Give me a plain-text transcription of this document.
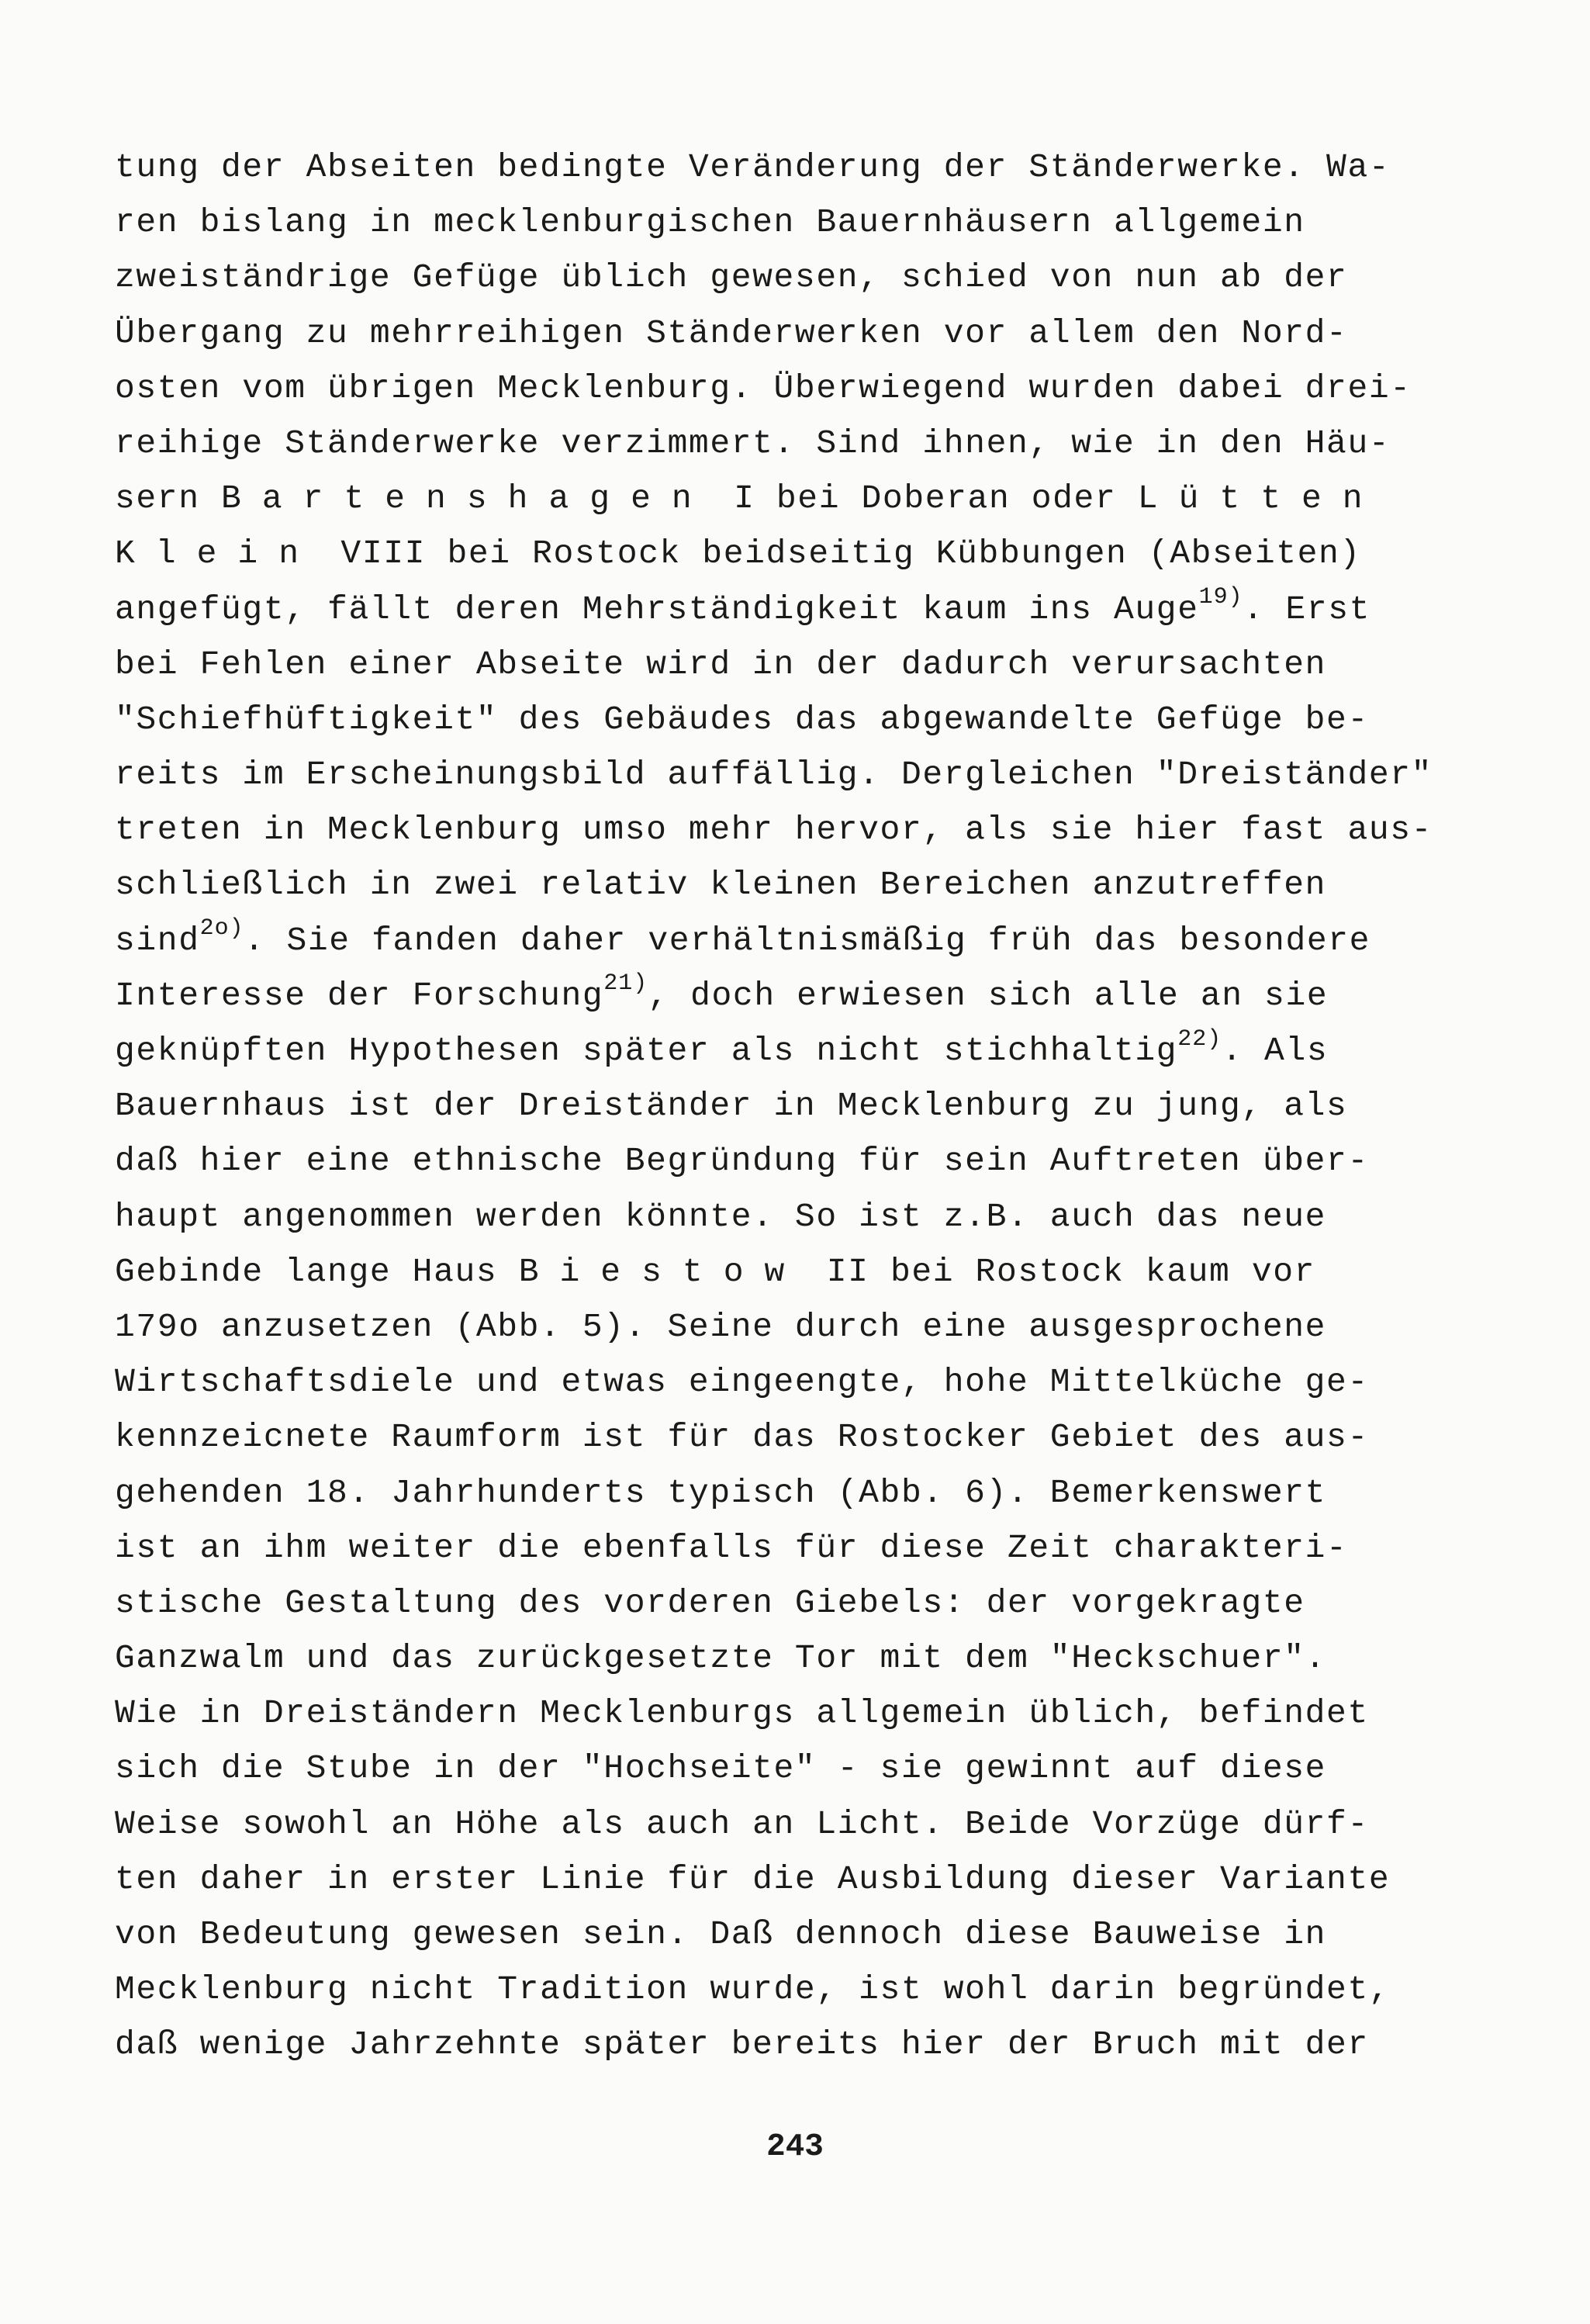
tung der Abseiten bedingte Veränderung der Ständerwerke. Wa-
ren bislang in mecklenburgischen Bauernhäusern allgemein
zweiständrige Gefüge üblich gewesen, schied von nun ab der
Übergang zu mehrreihigen Ständerwerken vor allem den Nord-
osten vom übrigen Mecklenburg. Überwiegend wurden dabei drei-
reihige Ständerwerke verzimmert. Sind ihnen, wie in den Häu-
sern Bartenshagen I bei Doberan oder Lütten
Klein VIII bei Rostock beidseitig Kübbungen (Abseiten)
angefügt, fällt deren Mehrständigkeit kaum ins Auge$^{19)}$. Erst
bei Fehlen einer Abseite wird in der dadurch verursachten
"Schiefhüftigkeit" des Gebäudes das abgewandelte Gefüge be-
reits im Erscheinungsbild auffällig. Dergleichen "Dreiständer"
treten in Mecklenburg umso mehr hervor, als sie hier fast aus-
schließlich in zwei relativ kleinen Bereichen anzutreffen
sind$^{2o)}$. Sie fanden daher verhältnismäßig früh das besondere
Interesse der Forschung$^{21)}$, doch erwiesen sich alle an sie
geknüpften Hypothesen später als nicht stichhaltig$^{22)}$. Als
Bauernhaus ist der Dreiständer in Mecklenburg zu jung, als
daß hier eine ethnische Begründung für sein Auftreten über-
haupt angenommen werden könnte. So ist z.B. auch das neue
Gebinde lange Haus Biestow II bei Rostock kaum vor
179o anzusetzen (Abb. 5). Seine durch eine ausgesprochene
Wirtschaftsdiele und etwas eingeengte, hohe Mittelküche ge-
kennzeicnete Raumform ist für das Rostocker Gebiet des aus-
gehenden 18. Jahrhunderts typisch (Abb. 6). Bemerkenswert
ist an ihm weiter die ebenfalls für diese Zeit charakteri-
stische Gestaltung des vorderen Giebels: der vorgekragte
Ganzwalm und das zurückgesetzte Tor mit dem "Heckschuer".
Wie in Dreiständern Mecklenburgs allgemein üblich, befindet
sich die Stube in der "Hochseite" - sie gewinnt auf diese
Weise sowohl an Höhe als auch an Licht. Beide Vorzüge dürf-
ten daher in erster Linie für die Ausbildung dieser Variante
von Bedeutung gewesen sein. Daß dennoch diese Bauweise in
Mecklenburg nicht Tradition wurde, ist wohl darin begründet,
daß wenige Jahrzehnte später bereits hier der Bruch mit der
243
